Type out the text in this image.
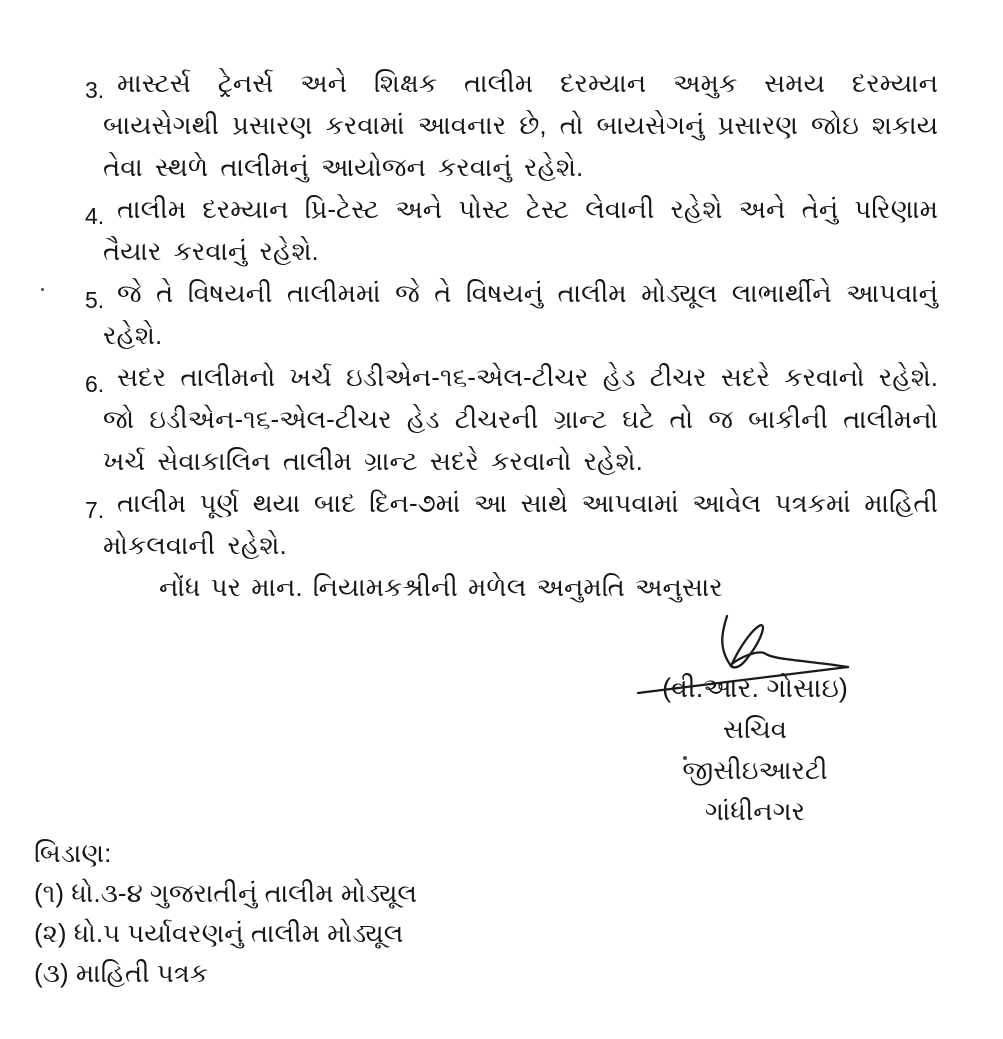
3. માસ્ટર્સ ટ્રેનર્સ અને શિક્ષક તાલીમ દરમ્યાન અમુક સમય દરમ્યાન બાયસેગથી પ્રસારણ કરવામાં આવનાર છે, તો બાયસેગનું પ્રસારણ જોઇ શકાય તેવા સ્થળે તાલીમનું આયોજન કરવાનું રહેશે.
4. તાલીમ દરમ્યાન પ્રિ-ટેસ્ટ અને પોસ્ટ ટેસ્ટ લેવાની રહેશે અને તેનું પરિણામ તૈયાર કરવાનું રહેશે.
5. જે તે વિષયની તાલીમમાં જે તે વિષયનું તાલીમ મોડ્યૂલ લાભાર્થીને આપવાનું રહેશે.
6. સદર તાલીમનો ખર્ચ ઇડીએન-૧૬-એલ-ટીચર હેડ ટીચર સદરે કરવાનો રહેશે. જો ઇડીએન-૧૬-એલ-ટીચર હેડ ટીચરની ગ્રાન્ટ ઘટે તો જ બાકીની તાલીમનો ખર્ચ સેવાકાલિન તાલીમ ગ્રાન્ટ સદરે કરવાનો રહેશે.
7. તાલીમ પૂર્ણ થયા બાદ દિન-૭માં આ સાથે આપવામાં આવેલ પત્રકમાં માહિતી મોકલવાની રહેશે.
નોંધ પર માન. નિયામકશ્રીની મળેલ અનુમતિ અનુસાર
(વી.આર. ગોસાઇ)
સચિવ
જીસીઇઆરટી
ગાંધીનગર
બિડાણ:
(૧) ધો.૩-૪ ગુજરાતીનું તાલીમ મોડ્યૂલ
(૨) ધો.૫ પર્યાવરણનું તાલીમ મોડ્યૂલ
(૩) માહિતી પત્રક
